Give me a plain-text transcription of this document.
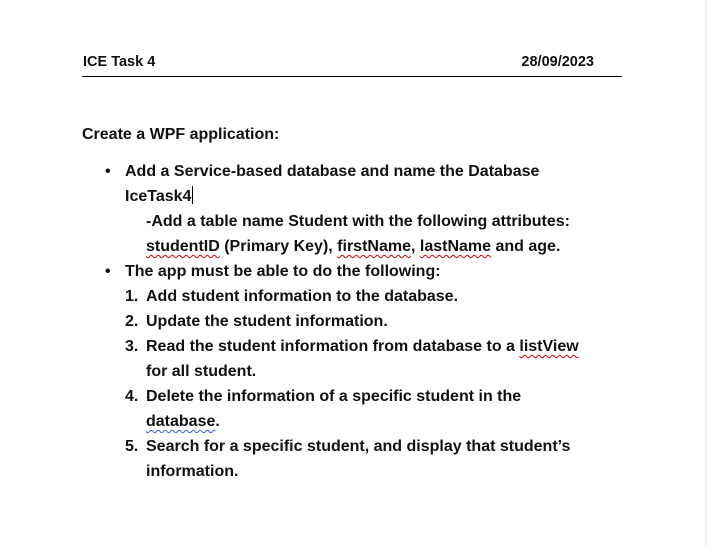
ICE Task 4	28/09/2023
Create a WPF application:
• Add a Service-based database and name the Database
IceTask4
-Add a table name Student with the following attributes:
studentID (Primary Key), firstName, lastName and age.
• The app must be able to do the following:
1. Add student information to the database.
2. Update the student information.
3. Read the student information from database to a listView
for all student.
4. Delete the information of a specific student in the
database.
5. Search for a specific student, and display that student’s
information.
